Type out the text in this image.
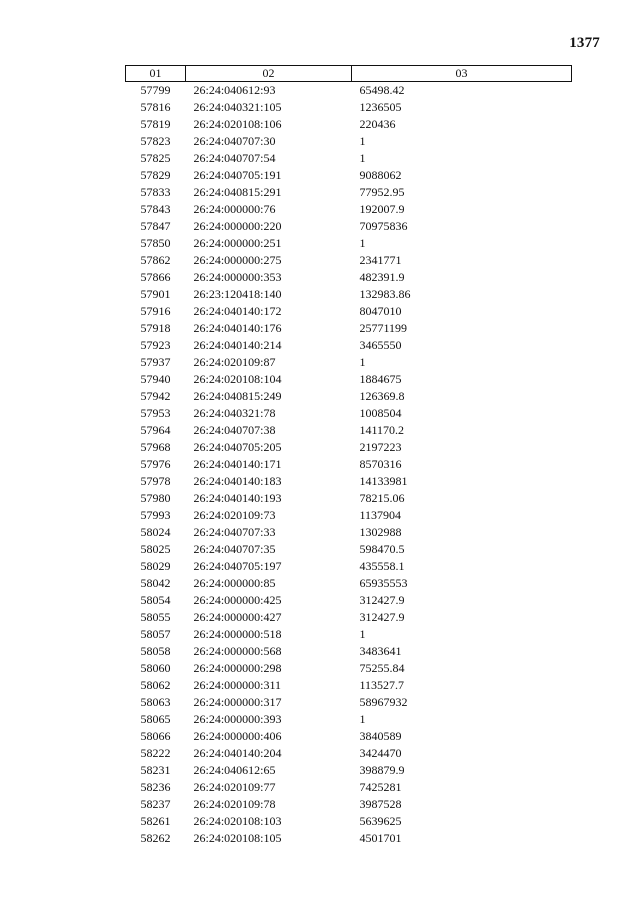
1377
01	02	03
57799	26:24:040612:93	65498.42
57816	26:24:040321:105	1236505
57819	26:24:020108:106	220436
57823	26:24:040707:30	1
57825	26:24:040707:54	1
57829	26:24:040705:191	9088062
57833	26:24:040815:291	77952.95
57843	26:24:000000:76	192007.9
57847	26:24:000000:220	70975836
57850	26:24:000000:251	1
57862	26:24:000000:275	2341771
57866	26:24:000000:353	482391.9
57901	26:23:120418:140	132983.86
57916	26:24:040140:172	8047010
57918	26:24:040140:176	25771199
57923	26:24:040140:214	3465550
57937	26:24:020109:87	1
57940	26:24:020108:104	1884675
57942	26:24:040815:249	126369.8
57953	26:24:040321:78	1008504
57964	26:24:040707:38	141170.2
57968	26:24:040705:205	2197223
57976	26:24:040140:171	8570316
57978	26:24:040140:183	14133981
57980	26:24:040140:193	78215.06
57993	26:24:020109:73	1137904
58024	26:24:040707:33	1302988
58025	26:24:040707:35	598470.5
58029	26:24:040705:197	435558.1
58042	26:24:000000:85	65935553
58054	26:24:000000:425	312427.9
58055	26:24:000000:427	312427.9
58057	26:24:000000:518	1
58058	26:24:000000:568	3483641
58060	26:24:000000:298	75255.84
58062	26:24:000000:311	113527.7
58063	26:24:000000:317	58967932
58065	26:24:000000:393	1
58066	26:24:000000:406	3840589
58222	26:24:040140:204	3424470
58231	26:24:040612:65	398879.9
58236	26:24:020109:77	7425281
58237	26:24:020109:78	3987528
58261	26:24:020108:103	5639625
58262	26:24:020108:105	4501701
